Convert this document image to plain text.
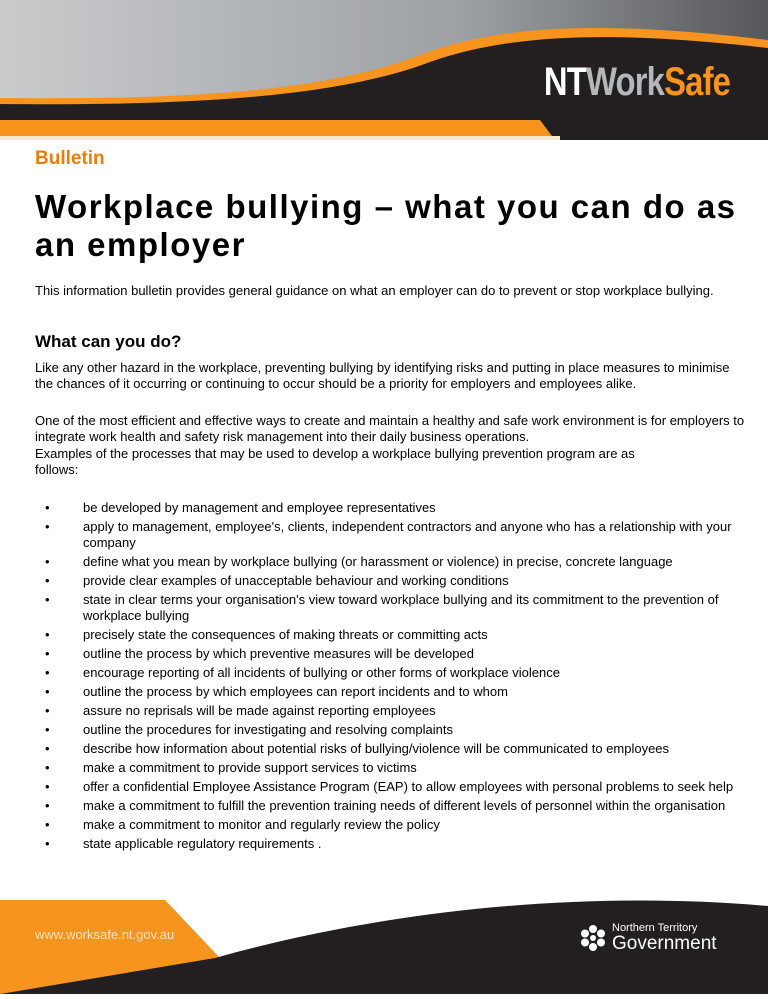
NTWorkSafe
Bulletin
Workplace bullying – what you can do as an employer

This information bulletin provides general guidance on what an employer can do to prevent or stop workplace bullying.

What can you do?

Like any other hazard in the workplace, preventing bullying by identifying risks and putting in place measures to minimise the chances of it occurring or continuing to occur should be a priority for employers and employees alike.

One of the most efficient and effective ways to create and maintain a healthy and safe work environment is for employers to integrate work health and safety risk management into their daily business operations.

Examples of the processes that may be used to develop a workplace bullying prevention program are as follows:

•	be developed by management and employee representatives
•	apply to management, employee's, clients, independent contractors and anyone who has a relationship with your company
•	define what you mean by workplace bullying (or harassment or violence) in precise, concrete language
•	provide clear examples of unacceptable behaviour and working conditions
•	state in clear terms your organisation's view toward workplace bullying and its commitment to the prevention of workplace bullying
•	precisely state the consequences of making threats or committing acts
•	outline the process by which preventive measures will be developed
•	encourage reporting of all incidents of bullying or other forms of workplace violence
•	outline the process by which employees can report incidents and to whom
•	assure no reprisals will be made against reporting employees
•	outline the procedures for investigating and resolving complaints
•	describe how information about potential risks of bullying/violence will be communicated to employees
•	make a commitment to provide support services to victims
•	offer a confidential Employee Assistance Program (EAP) to allow employees with personal problems to seek help
•	make a commitment to fulfill the prevention training needs of different levels of personnel within the organisation
•	make a commitment to monitor and regularly review the policy
•	state applicable regulatory requirements .
www.worksafe.nt.gov.au	Northern Territory
Government
